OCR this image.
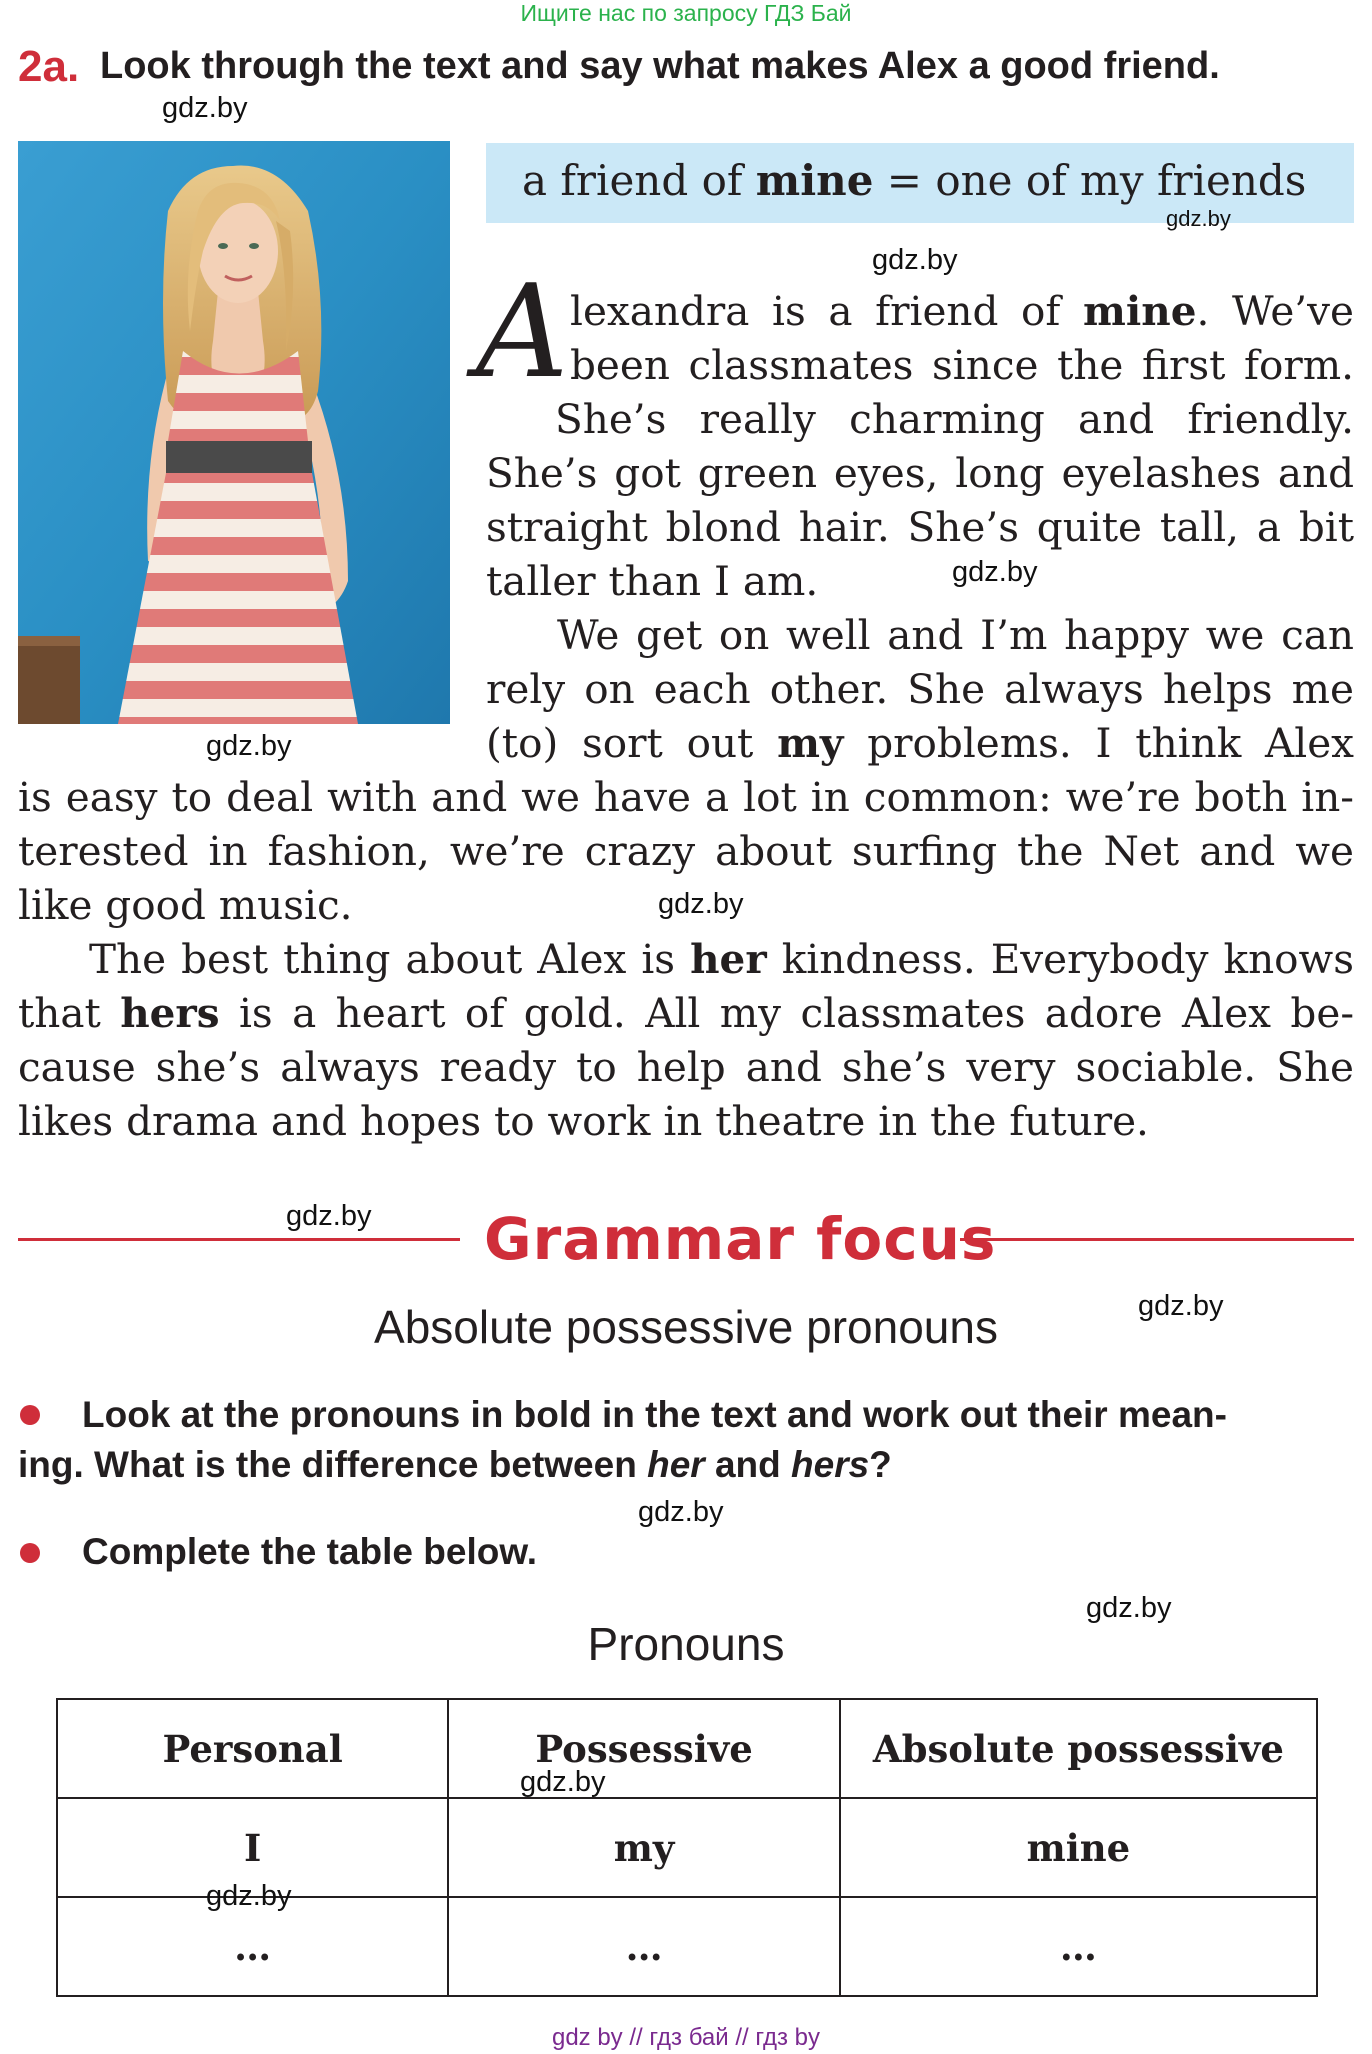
Ищите нас по запросу ГДЗ Бай
2a. Look through the text and say what makes Alex a good friend.
a friend of mine = one of my friends
A lexandra is a friend of mine. We’ve
been classmates since the first form.
She’s really charming and friendly.
She’s got green eyes, long eyelashes and
straight blond hair. She’s quite tall, a bit
taller than I am.
We get on well and I’m happy we can
rely on each other. She always helps me
(to) sort out my problems. I think Alex
is easy to deal with and we have a lot in common: we’re both in-
terested in fashion, we’re crazy about surfing the Net and we
like good music.
The best thing about Alex is her kindness. Everybody knows
that hers is a heart of gold. All my classmates adore Alex be-
cause she’s always ready to help and she’s very sociable. She
likes drama and hopes to work in theatre in the future.
Grammar focus
Absolute possessive pronouns
Look at the pronouns in bold in the text and work out their mean-
ing. What is the difference between her and hers?
Complete the table below.
Pronouns
Personal	Possessive	Absolute possessive
I	my	mine
…	…	…
gdz.by
gdz.by
gdz.by
gdz.by
gdz.by
gdz.by
gdz.by
gdz.by
gdz.by
gdz.by
gdz.by
gdz.by
gdz by // гдз бай // гдз by
